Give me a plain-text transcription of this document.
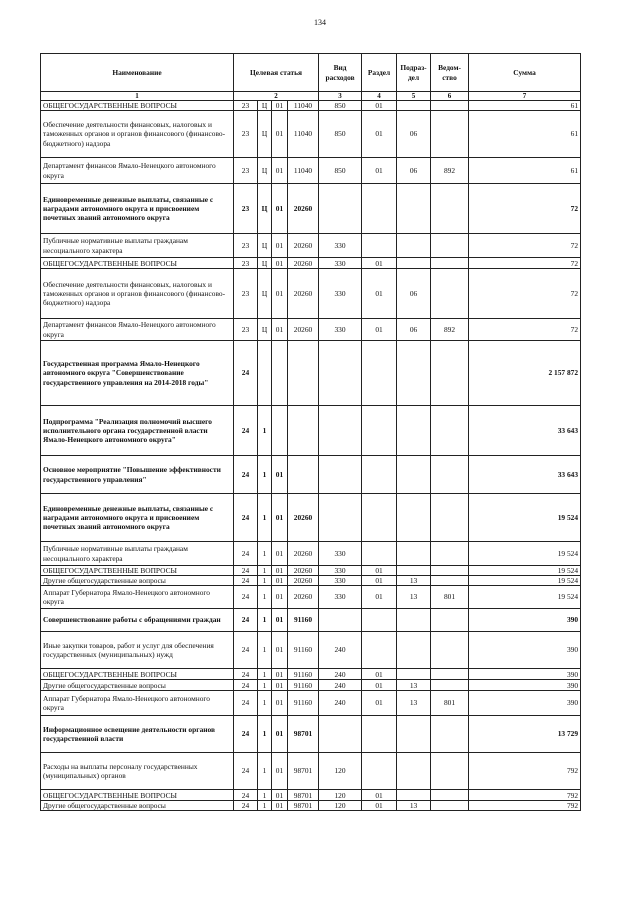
134
Наименование	Целевая статья				Вид расходов	Раздел	Подраз-дел	Ведом-ство	Сумма
1	2				3	4	5	6	7
ОБЩЕГОСУДАРСТВЕННЫЕ ВОПРОСЫ	23	Ц	01	11040	850	01			61
Обеспечение деятельности финансовых, налоговых и таможенных органов и органов финансового (финансово-бюджетного) надзора	23	Ц	01	11040	850	01	06		61
Департамент финансов Ямало-Ненецкого автономного округа	23	Ц	01	11040	850	01	06	892	61
Единовременные денежные выплаты, связанные с наградами автономного округа и присвоением почетных званий автономного округа	23	Ц	01	20260					72
Публичные нормативные выплаты гражданам несоциального характера	23	Ц	01	20260	330				72
ОБЩЕГОСУДАРСТВЕННЫЕ ВОПРОСЫ	23	Ц	01	20260	330	01			72
Обеспечение деятельности финансовых, налоговых и таможенных органов и органов финансового (финансово-бюджетного) надзора	23	Ц	01	20260	330	01	06		72
Департамент финансов Ямало-Ненецкого автономного округа	23	Ц	01	20260	330	01	06	892	72
Государственная программа Ямало-Ненецкого автономного округа "Совершенствование государственного управления на 2014-2018 годы"	24								2 157 872
Подпрограмма "Реализация полномочий высшего исполнительного органа государственной власти Ямало-Ненецкого автономного округа"	24	1							33 643
Основное мероприятие "Повышение эффективности государственного управления"	24	1	01						33 643
Единовременные денежные выплаты, связанные с наградами автономного округа и присвоением почетных званий автономного округа	24	1	01	20260					19 524
Публичные нормативные выплаты гражданам несоциального характера	24	1	01	20260	330				19 524
ОБЩЕГОСУДАРСТВЕННЫЕ ВОПРОСЫ	24	1	01	20260	330	01			19 524
Другие общегосударственные вопросы	24	1	01	20260	330	01	13		19 524
Аппарат Губернатора Ямало-Ненецкого автономного округа	24	1	01	20260	330	01	13	801	19 524
Совершенствование работы с обращениями граждан	24	1	01	91160					390
Иные закупки товаров, работ и услуг для обеспечения государственных (муниципальных) нужд	24	1	01	91160	240				390
ОБЩЕГОСУДАРСТВЕННЫЕ ВОПРОСЫ	24	1	01	91160	240	01			390
Другие общегосударственные вопросы	24	1	01	91160	240	01	13		390
Аппарат Губернатора Ямало-Ненецкого автономного округа	24	1	01	91160	240	01	13	801	390
Информационное освещение деятельности органов государственной власти	24	1	01	98701					13 729
Расходы на выплаты персоналу государственных (муниципальных) органов	24	1	01	98701	120				792
ОБЩЕГОСУДАРСТВЕННЫЕ ВОПРОСЫ	24	1	01	98701	120	01			792
Другие общегосударственные вопросы	24	1	01	98701	120	01	13		792
